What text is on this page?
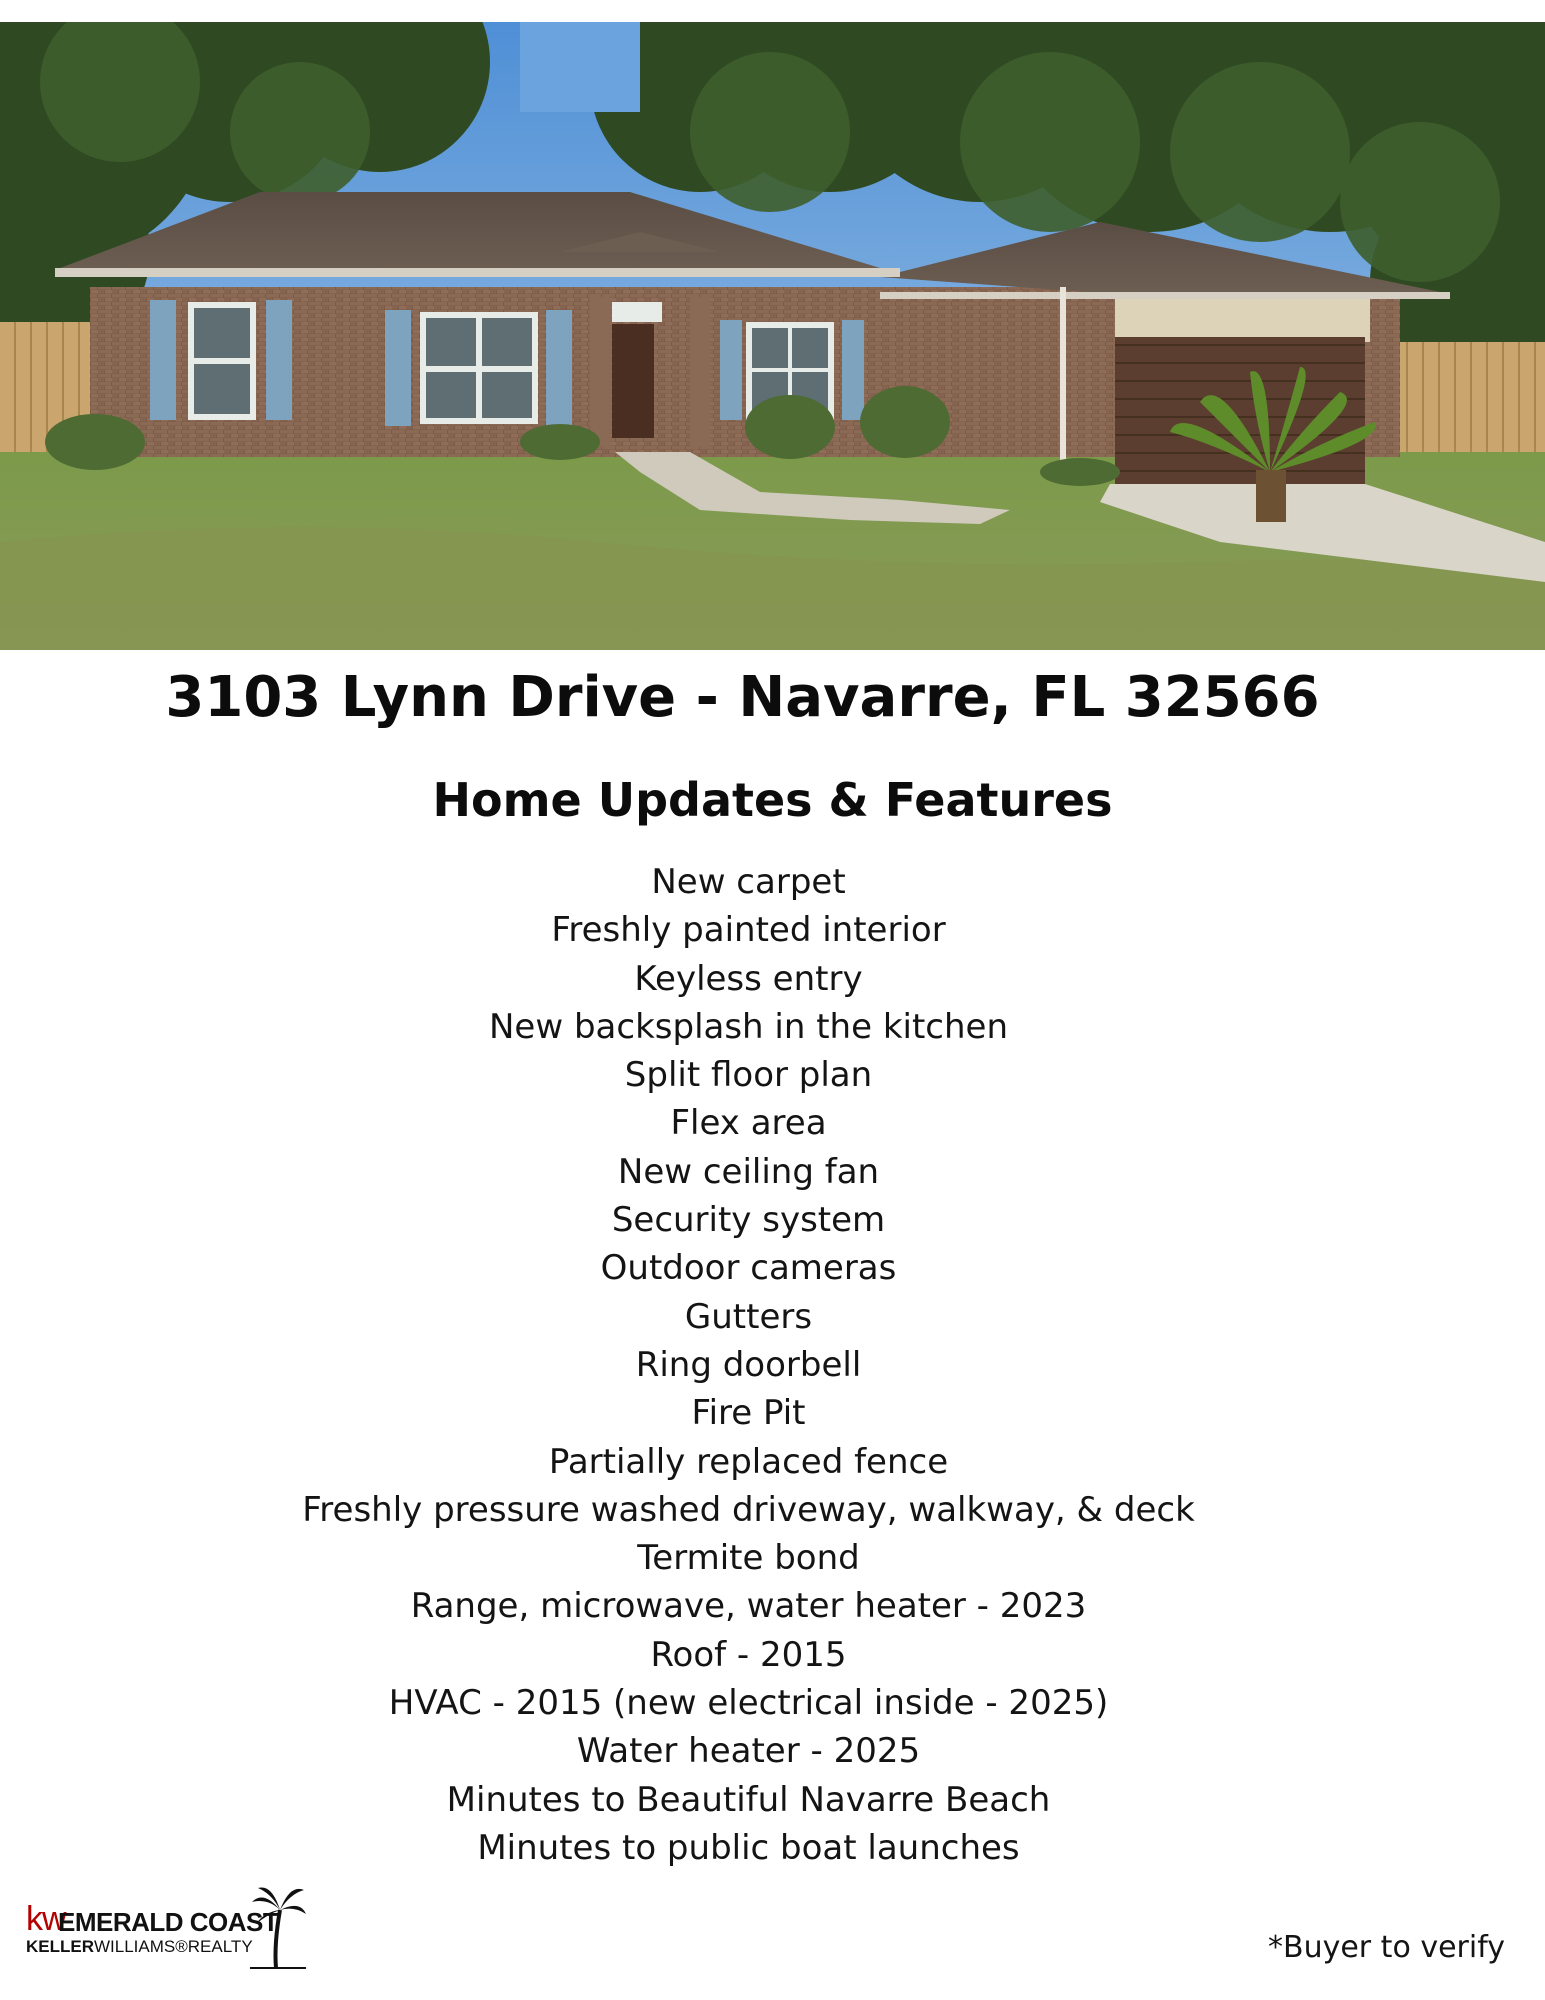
3103 Lynn Drive - Navarre, FL 32566
Home Updates & Features
New carpet
Freshly painted interior
Keyless entry
New backsplash in the kitchen
Split floor plan
Flex area
New ceiling fan
Security system
Outdoor cameras
Gutters
Ring doorbell
Fire Pit
Partially replaced fence
Freshly pressure washed driveway, walkway, & deck
Termite bond
Range, microwave, water heater - 2023
Roof - 2015
HVAC - 2015 (new electrical inside - 2025)
Water heater - 2025
Minutes to Beautiful Navarre Beach
Minutes to public boat launches
kw
EMERALD COAST
KELLERWILLIAMS®REALTY	*Buyer to verify
